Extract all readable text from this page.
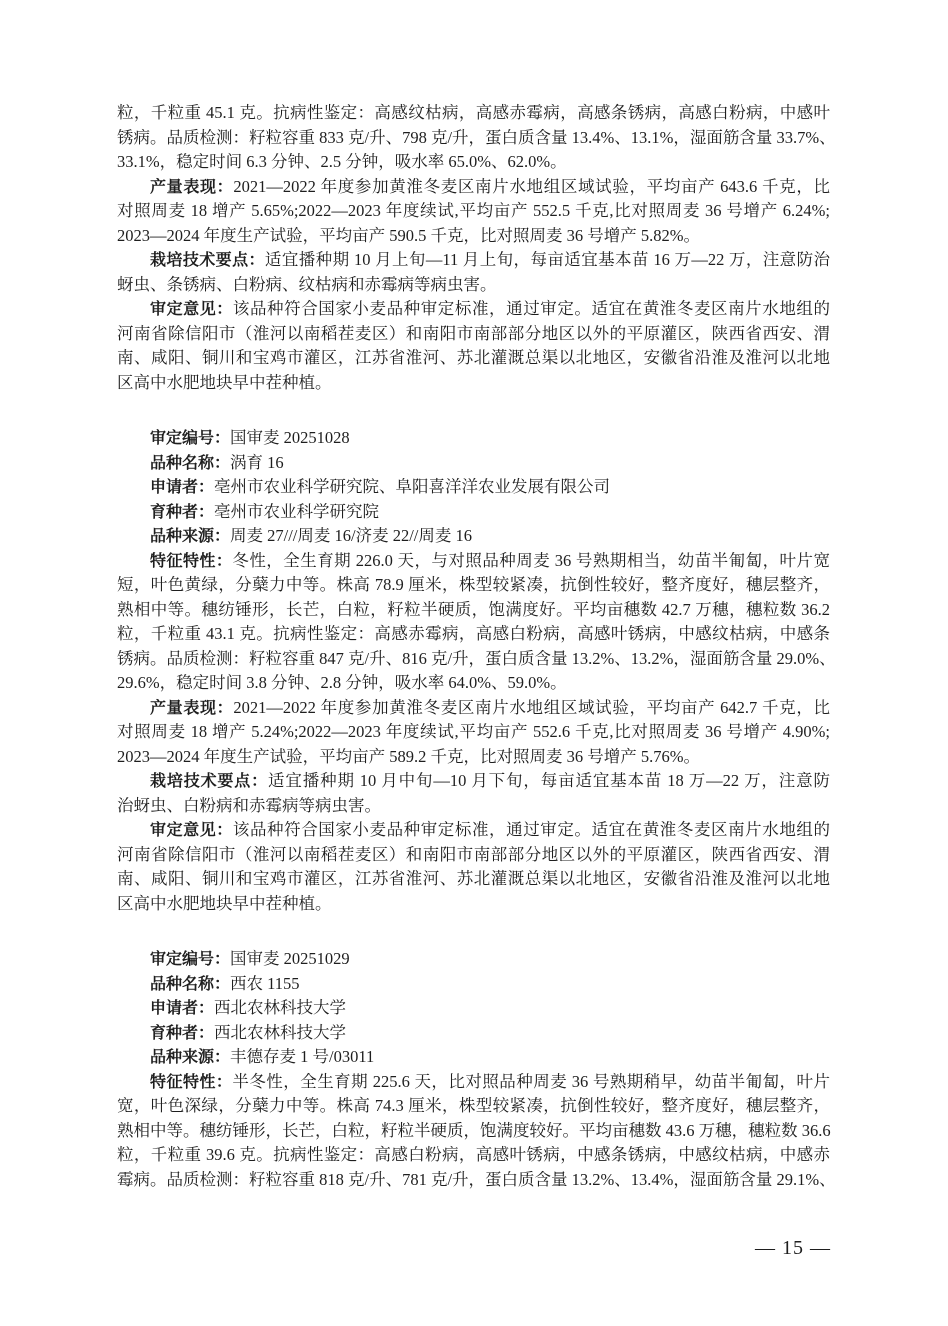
粒，千粒重 45.1 克。抗病性鉴定：高感纹枯病，高感赤霉病，高感条锈病，高感白粉病，中感叶
锈病。品质检测：籽粒容重 833 克/升、798 克/升，蛋白质含量 13.4%、13.1%，湿面筋含量 33.7%、
33.1%，稳定时间 6.3 分钟、2.5 分钟，吸水率 65.0%、62.0%。
产量表现：2021—2022 年度参加黄淮冬麦区南片水地组区域试验，平均亩产 643.6 千克，比
对照周麦 18 增产 5.65%;2022—2023 年度续试,平均亩产 552.5 千克,比对照周麦 36 号增产 6.24%;
2023—2024 年度生产试验，平均亩产 590.5 千克，比对照周麦 36 号增产 5.82%。
栽培技术要点：适宜播种期 10 月上旬—11 月上旬，每亩适宜基本苗 16 万—22 万，注意防治
蚜虫、条锈病、白粉病、纹枯病和赤霉病等病虫害。
审定意见：该品种符合国家小麦品种审定标准，通过审定。适宜在黄淮冬麦区南片水地组的
河南省除信阳市（淮河以南稻茬麦区）和南阳市南部部分地区以外的平原灌区，陕西省西安、渭
南、咸阳、铜川和宝鸡市灌区，江苏省淮河、苏北灌溉总渠以北地区，安徽省沿淮及淮河以北地
区高中水肥地块早中茬种植。
审定编号：国审麦 20251028
品种名称：涡育 16
申请者：亳州市农业科学研究院、阜阳喜洋洋农业发展有限公司
育种者：亳州市农业科学研究院
品种来源：周麦 27///周麦 16/济麦 22//周麦 16
特征特性：冬性，全生育期 226.0 天，与对照品种周麦 36 号熟期相当，幼苗半匍匐，叶片宽
短，叶色黄绿，分蘖力中等。株高 78.9 厘米，株型较紧凑，抗倒性较好，整齐度好，穗层整齐，
熟相中等。穗纺锤形，长芒，白粒，籽粒半硬质，饱满度好。平均亩穗数 42.7 万穗，穗粒数 36.2
粒，千粒重 43.1 克。抗病性鉴定：高感赤霉病，高感白粉病，高感叶锈病，中感纹枯病，中感条
锈病。品质检测：籽粒容重 847 克/升、816 克/升，蛋白质含量 13.2%、13.2%，湿面筋含量 29.0%、
29.6%，稳定时间 3.8 分钟、2.8 分钟，吸水率 64.0%、59.0%。
产量表现：2021—2022 年度参加黄淮冬麦区南片水地组区域试验，平均亩产 642.7 千克，比
对照周麦 18 增产 5.24%;2022—2023 年度续试,平均亩产 552.6 千克,比对照周麦 36 号增产 4.90%;
2023—2024 年度生产试验，平均亩产 589.2 千克，比对照周麦 36 号增产 5.76%。
栽培技术要点：适宜播种期 10 月中旬—10 月下旬，每亩适宜基本苗 18 万—22 万，注意防
治蚜虫、白粉病和赤霉病等病虫害。
审定意见：该品种符合国家小麦品种审定标准，通过审定。适宜在黄淮冬麦区南片水地组的
河南省除信阳市（淮河以南稻茬麦区）和南阳市南部部分地区以外的平原灌区，陕西省西安、渭
南、咸阳、铜川和宝鸡市灌区，江苏省淮河、苏北灌溉总渠以北地区，安徽省沿淮及淮河以北地
区高中水肥地块早中茬种植。
审定编号：国审麦 20251029
品种名称：西农 1155
申请者：西北农林科技大学
育种者：西北农林科技大学
品种来源：丰德存麦 1 号/03011
特征特性：半冬性，全生育期 225.6 天，比对照品种周麦 36 号熟期稍早，幼苗半匍匐，叶片
宽，叶色深绿，分蘖力中等。株高 74.3 厘米，株型较紧凑，抗倒性较好，整齐度好，穗层整齐，
熟相中等。穗纺锤形，长芒，白粒，籽粒半硬质，饱满度较好。平均亩穗数 43.6 万穗，穗粒数 36.6
粒，千粒重 39.6 克。抗病性鉴定：高感白粉病，高感叶锈病，中感条锈病，中感纹枯病，中感赤
霉病。品质检测：籽粒容重 818 克/升、781 克/升，蛋白质含量 13.2%、13.4%，湿面筋含量 29.1%、
— 15 —
